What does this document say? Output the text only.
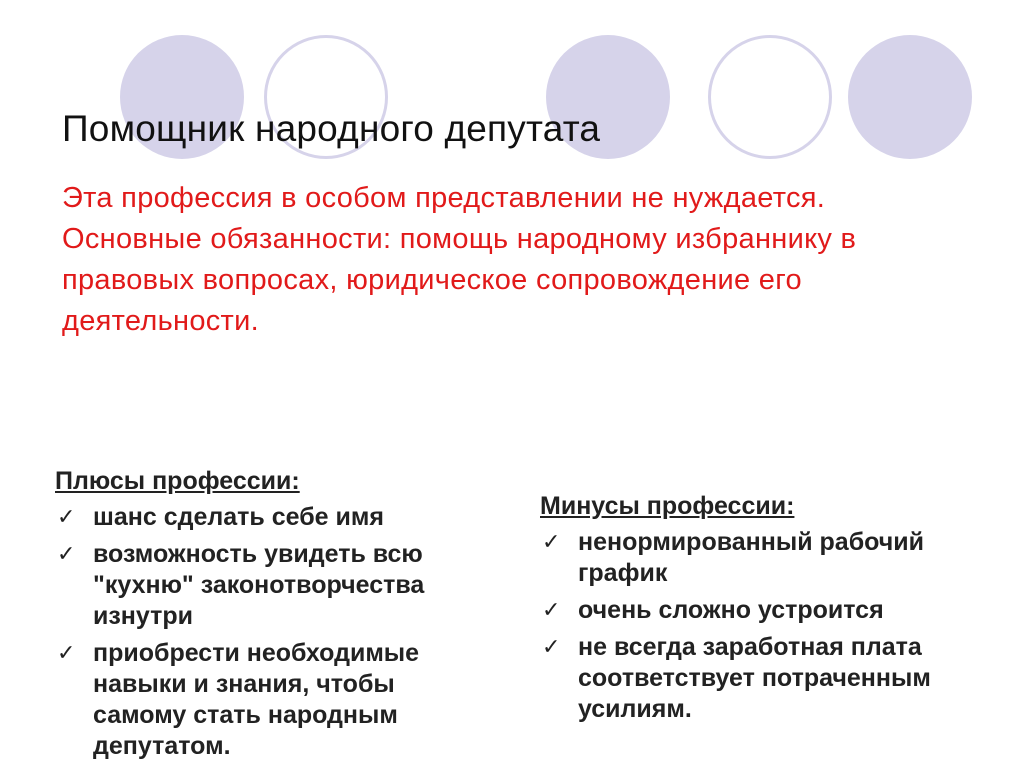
Помощник народного депутата
Эта профессия в особом представлении не нуждается. Основные обязанности: помощь народному избраннику в правовых вопросах, юридическое сопровождение его деятельности.
Плюсы профессии:
✓ шанс сделать себе имя
✓ возможность увидеть всю "кухню" законотворчества изнутри
✓ приобрести необходимые навыки и знания, чтобы самому стать народным депутатом.
Минусы профессии:
✓ ненормированный рабочий график
✓ очень сложно устроится
✓ не всегда заработная плата соответствует потраченным усилиям.
